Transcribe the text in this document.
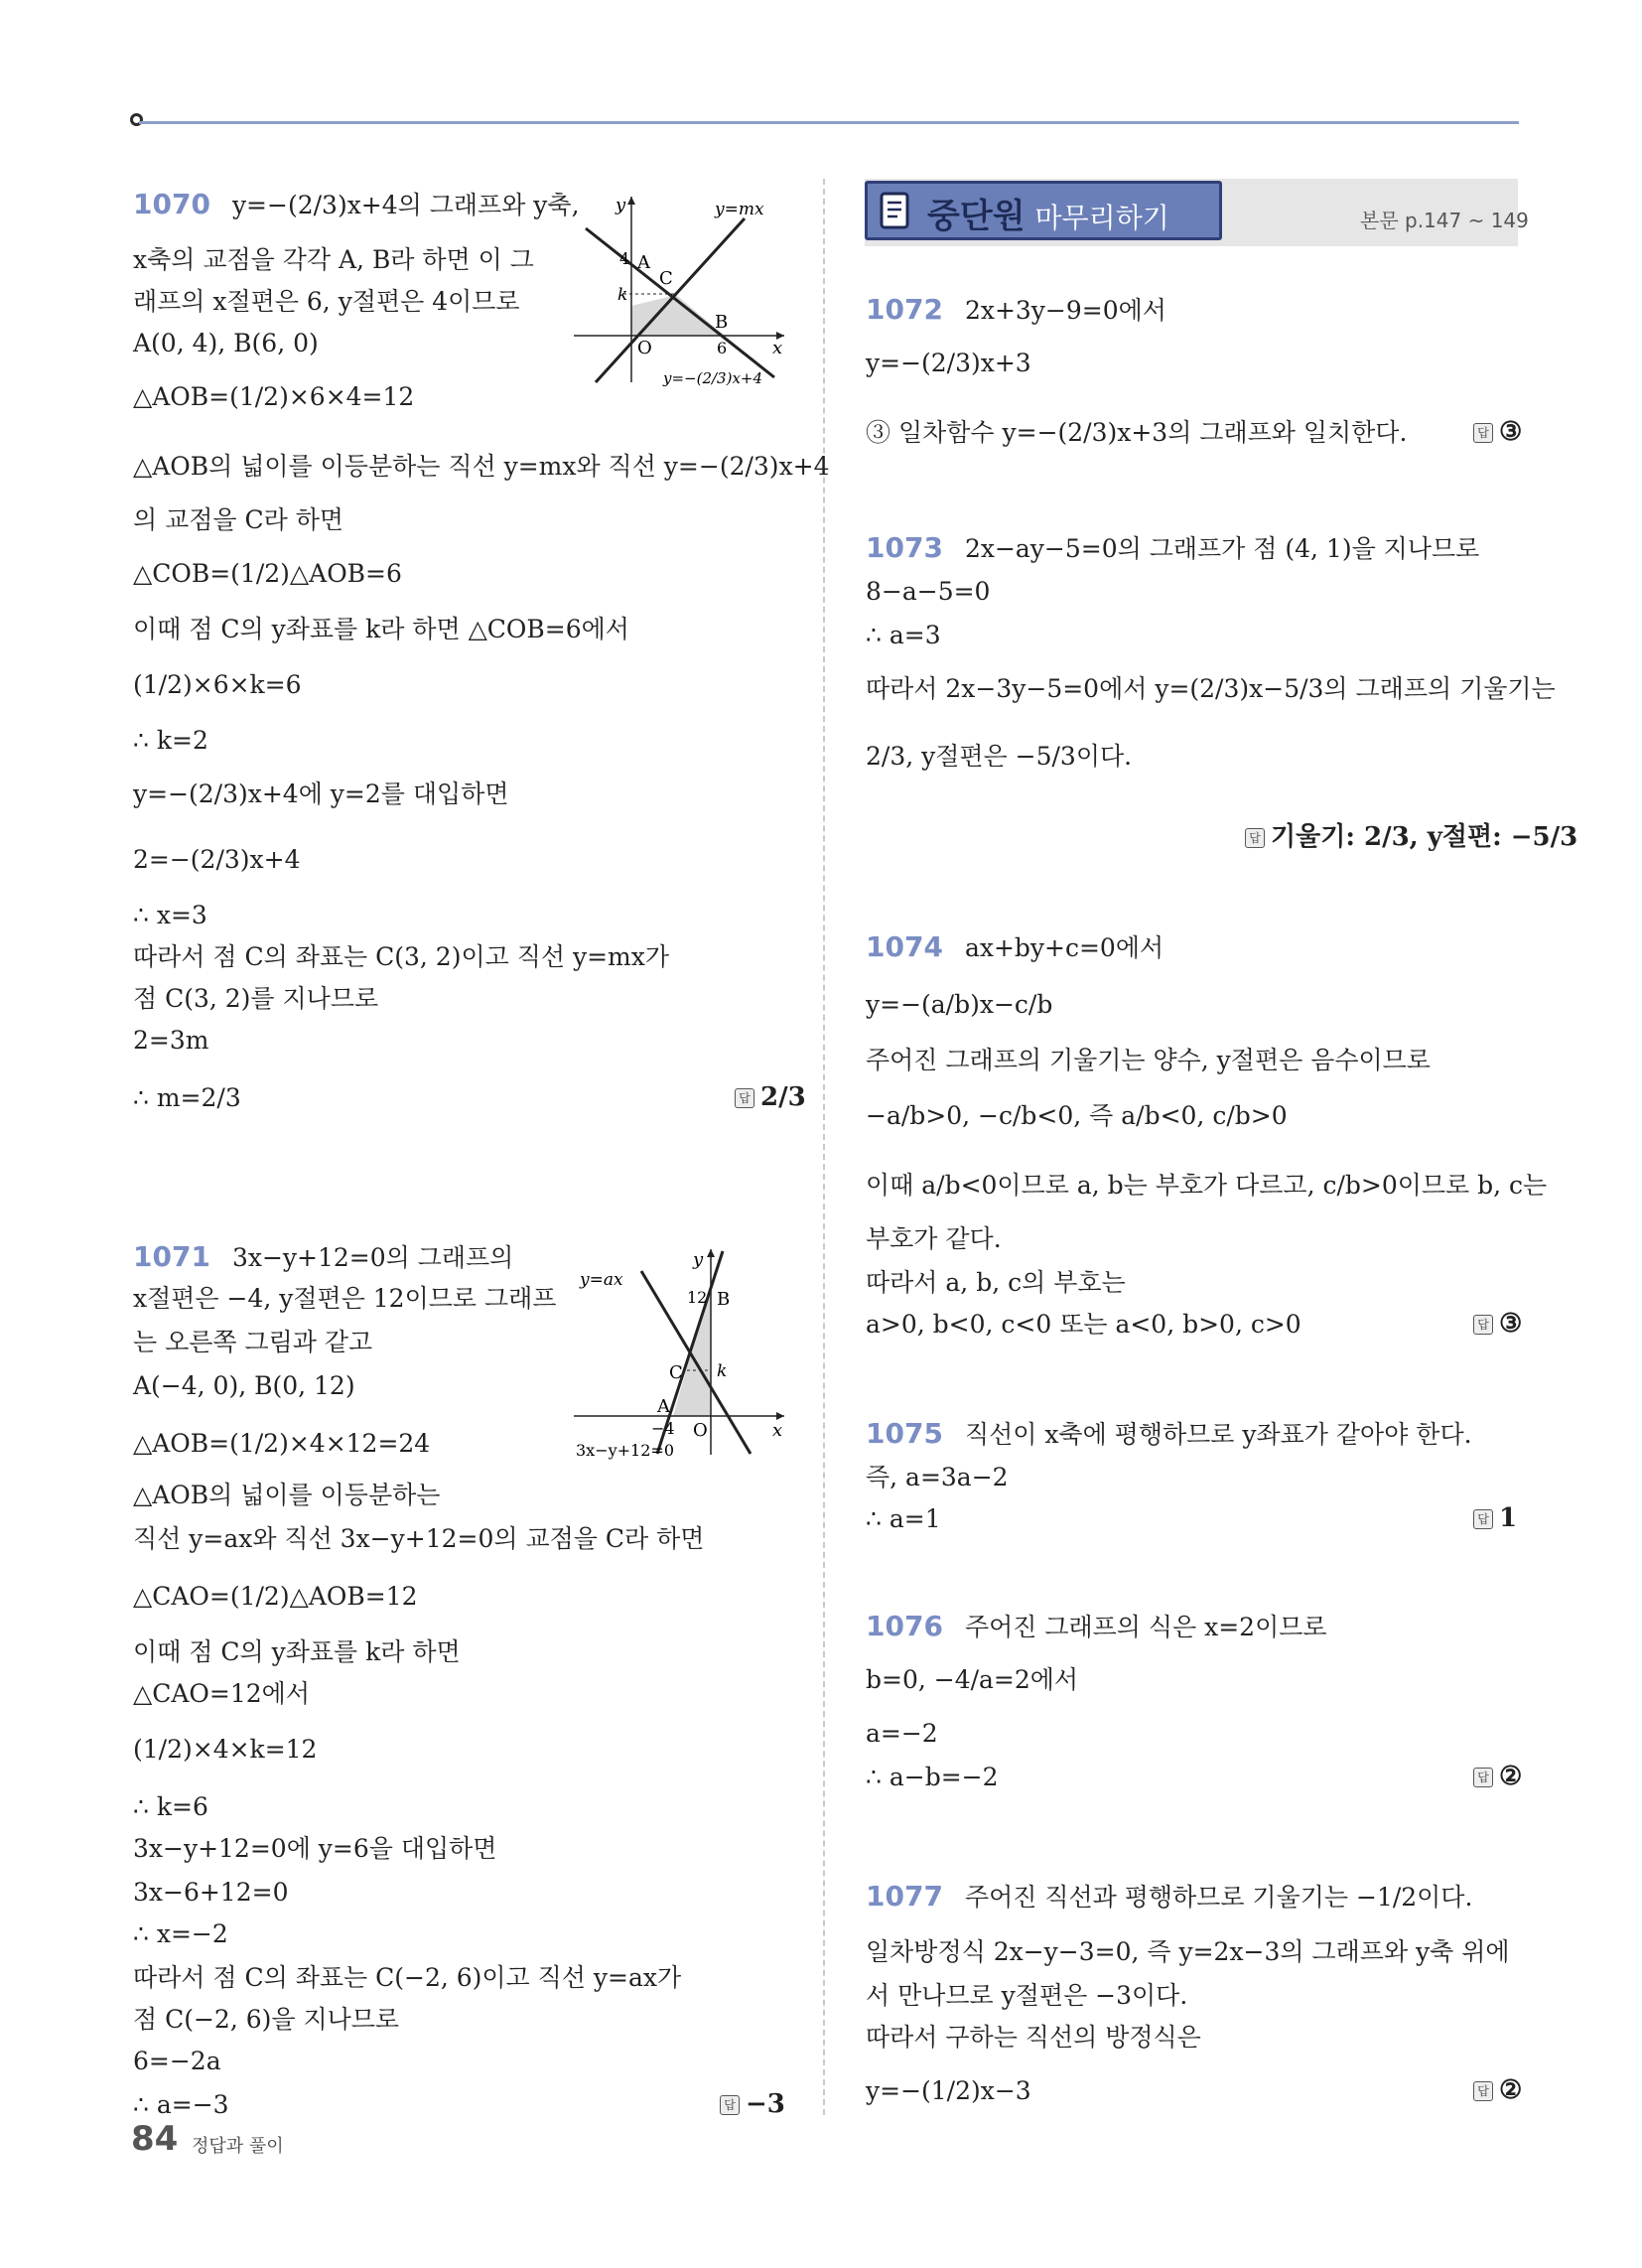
1070 y=−(2/3)x+4의 그래프와 y축,
x축의 교점을 각각 A, B라 하면 이 그
래프의 x절편은 6, y절편은 4이므로
A(0, 4), B(6, 0)
△AOB=(1/2)×6×4=12
△AOB의 넓이를 이등분하는 직선 y=mx와 직선 y=−(2/3)x+4
의 교점을 C라 하면
△COB=(1/2)△AOB=6
이때 점 C의 y좌표를 k라 하면 △COB=6에서
(1/2)×6×k=6
∴ k=2
y=−(2/3)x+4에 y=2를 대입하면
2=−(2/3)x+4
∴ x=3
따라서 점 C의 좌표는 C(3, 2)이고 직선 y=mx가
점 C(3, 2)를 지나므로
2=3m
∴ m=2/3	답 2/3
y
x
O
A
C
B
k
4
6
y=mx
y=−(2/3)x+4
1071 3x−y+12=0의 그래프의
x절편은 −4, y절편은 12이므로 그래프
는 오른쪽 그림과 같고
A(−4, 0), B(0, 12)
△AOB=(1/2)×4×12=24
△AOB의 넓이를 이등분하는
직선 y=ax와 직선 3x−y+12=0의 교점을 C라 하면
△CAO=(1/2)△AOB=12
이때 점 C의 y좌표를 k라 하면
△CAO=12에서
(1/2)×4×k=12
∴ k=6
3x−y+12=0에 y=6을 대입하면
3x−6+12=0
∴ x=−2
따라서 점 C의 좌표는 C(−2, 6)이고 직선 y=ax가
점 C(−2, 6)을 지나므로
6=−2a
∴ a=−3	답 −3
y
x
O
A
B
C k
12
−4
y=ax
3x−y+12=0
중단원 마무리하기	본문 p.147 ~ 149
1072 2x+3y−9=0에서
y=−(2/3)x+3
③ 일차함수 y=−(2/3)x+3의 그래프와 일치한다.	답 ③
1073 2x−ay−5=0의 그래프가 점 (4, 1)을 지나므로
8−a−5=0
∴ a=3
따라서 2x−3y−5=0에서 y=(2/3)x−5/3의 그래프의 기울기는
2/3, y절편은 −5/3이다.
답 기울기: 2/3, y절편: −5/3
1074 ax+by+c=0에서
y=−(a/b)x−c/b
주어진 그래프의 기울기는 양수, y절편은 음수이므로
−a/b>0, −c/b<0, 즉 a/b<0, c/b>0
이때 a/b<0이므로 a, b는 부호가 다르고, c/b>0이므로 b, c는
부호가 같다.
따라서 a, b, c의 부호는
a>0, b<0, c<0 또는 a<0, b>0, c>0	답 ③
1075 직선이 x축에 평행하므로 y좌표가 같아야 한다.
즉, a=3a−2
∴ a=1	답 1
1076 주어진 그래프의 식은 x=2이므로
b=0, −4/a=2에서
a=−2
∴ a−b=−2	답 ②
1077 주어진 직선과 평행하므로 기울기는 −1/2이다.
일차방정식 2x−y−3=0, 즉 y=2x−3의 그래프와 y축 위에
서 만나므로 y절편은 −3이다.
따라서 구하는 직선의 방정식은
y=−(1/2)x−3	답 ②
84 정답과 풀이
